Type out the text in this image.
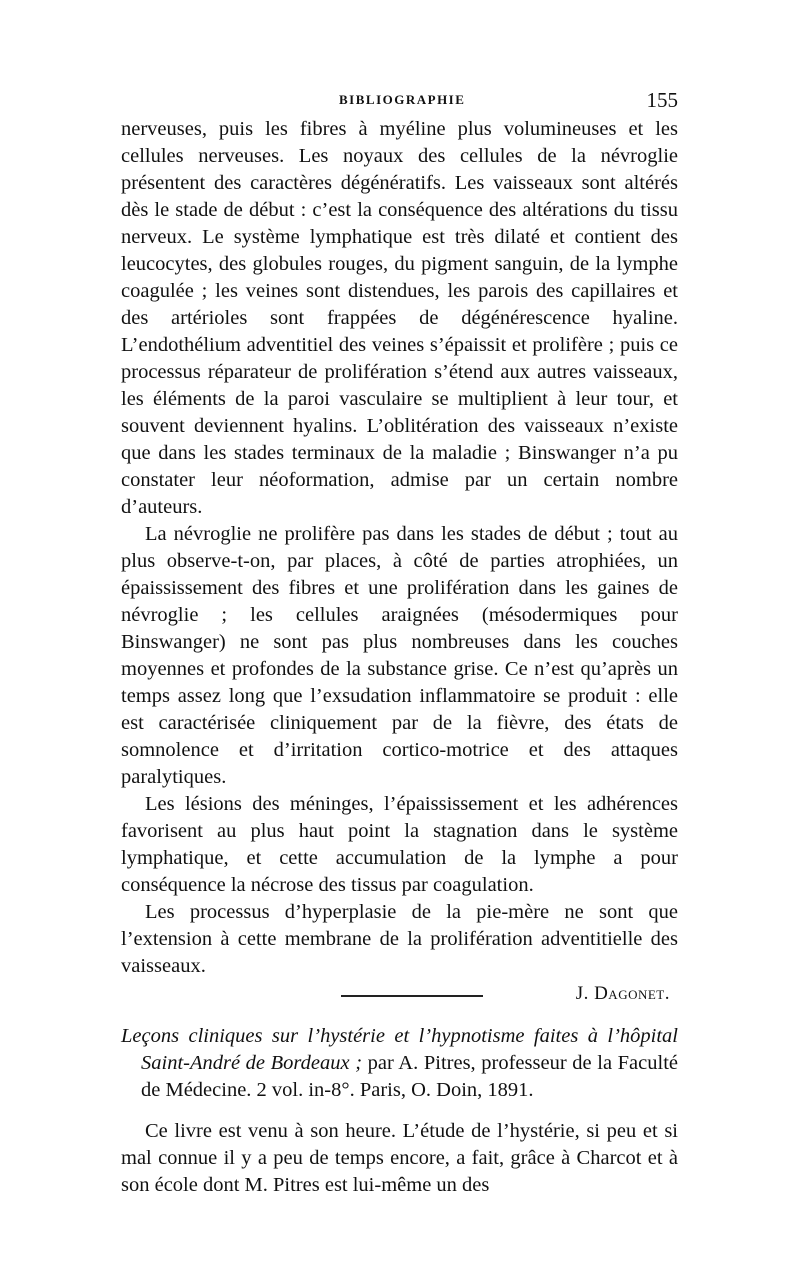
BIBLIOGRAPHIE	155

nerveuses, puis les fibres à myéline plus volumineuses et les cellules nerveuses. Les noyaux des cellules de la névroglie présentent des caractères dégénératifs. Les vaisseaux sont altérés dès le stade de début : c’est la conséquence des altérations du tissu nerveux. Le système lymphatique est très dilaté et contient des leucocytes, des globules rouges, du pigment sanguin, de la lymphe coagulée ; les veines sont distendues, les parois des capillaires et des artérioles sont frappées de dégénérescence hyaline. L’endothélium adventitiel des veines s’épaissit et prolifère ; puis ce processus réparateur de prolifération s’étend aux autres vaisseaux, les éléments de la paroi vasculaire se multiplient à leur tour, et souvent deviennent hyalins. L’oblitération des vaisseaux n’existe que dans les stades terminaux de la maladie ; Binswanger n’a pu constater leur néoformation, admise par un certain nombre d’auteurs.

La névroglie ne prolifère pas dans les stades de début ; tout au plus observe-t-on, par places, à côté de parties atrophiées, un épaississement des fibres et une prolifération dans les gaines de névroglie ; les cellules araignées (mésodermiques pour Binswanger) ne sont pas plus nombreuses dans les couches moyennes et profondes de la substance grise. Ce n’est qu’après un temps assez long que l’exsudation inflammatoire se produit : elle est caractérisée cliniquement par de la fièvre, des états de somnolence et d’irritation cortico-motrice et des attaques paralytiques.

Les lésions des méninges, l’épaississement et les adhérences favorisent au plus haut point la stagnation dans le système lymphatique, et cette accumulation de la lymphe a pour conséquence la nécrose des tissus par coagulation.

Les processus d’hyperplasie de la pie-mère ne sont que l’extension à cette membrane de la prolifération adventitielle des vaisseaux.

J. Dagonet.

Leçons cliniques sur l’hystérie et l’hypnotisme faites à l’hôpital Saint-André de Bordeaux ; par A. Pitres, professeur de la Faculté de Médecine. 2 vol. in-8°. Paris, O. Doin, 1891.

Ce livre est venu à son heure. L’étude de l’hystérie, si peu et si mal connue il y a peu de temps encore, a fait, grâce à Charcot et à son école dont M. Pitres est lui-même un des
